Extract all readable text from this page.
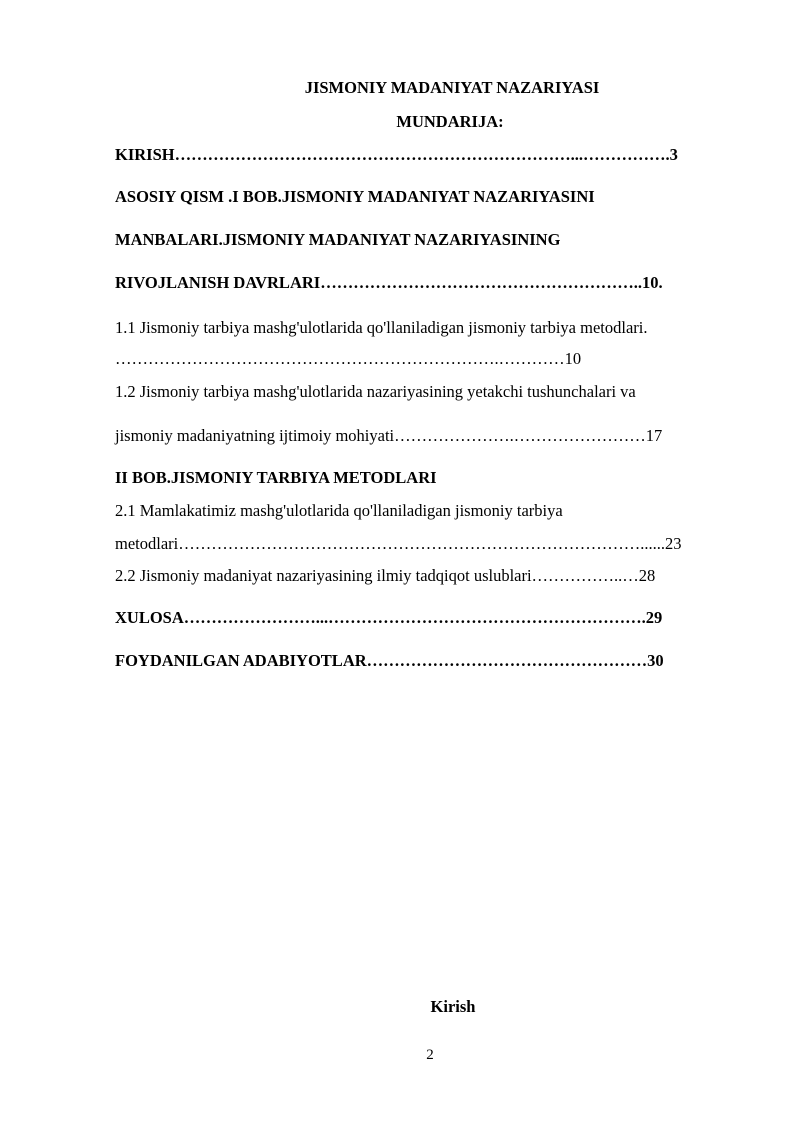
JISMONIY MADANIYAT NAZARIYASI
MUNDARIJA:
KIRISH………………………………………………………………...…………….3
ASOSIY QISM .I BOB.JISMONIY MADANIYAT NAZARIYASINI
MANBALARI.JISMONIY MADANIYAT NAZARIYASINING
RIVOJLANISH DAVRLARI…………………………………………………..10.
1.1 Jismoniy tarbiya mashg'ulotlarida qo'llaniladigan jismoniy tarbiya metodlari.
…………………………………………………………….…………10
1.2 Jismoniy tarbiya mashg'ulotlarida nazariyasining yetakchi tushunchalari va
jismoniy madaniyatning ijtimoiy mohiyati………………….……………………17
II BOB.JISMONIY TARBIYA METODLARI
2.1 Mamlakatimiz mashg'ulotlarida qo'llaniladigan jismoniy tarbiya
metodlari…………………………………………………………………………......23
2.2 Jismoniy madaniyat nazariyasining ilmiy tadqiqot uslublari……………..…28
XULOSA……………………...………………………………………………….29
FOYDANILGAN ADABIYOTLAR……………………………………………30
Kirish
2
